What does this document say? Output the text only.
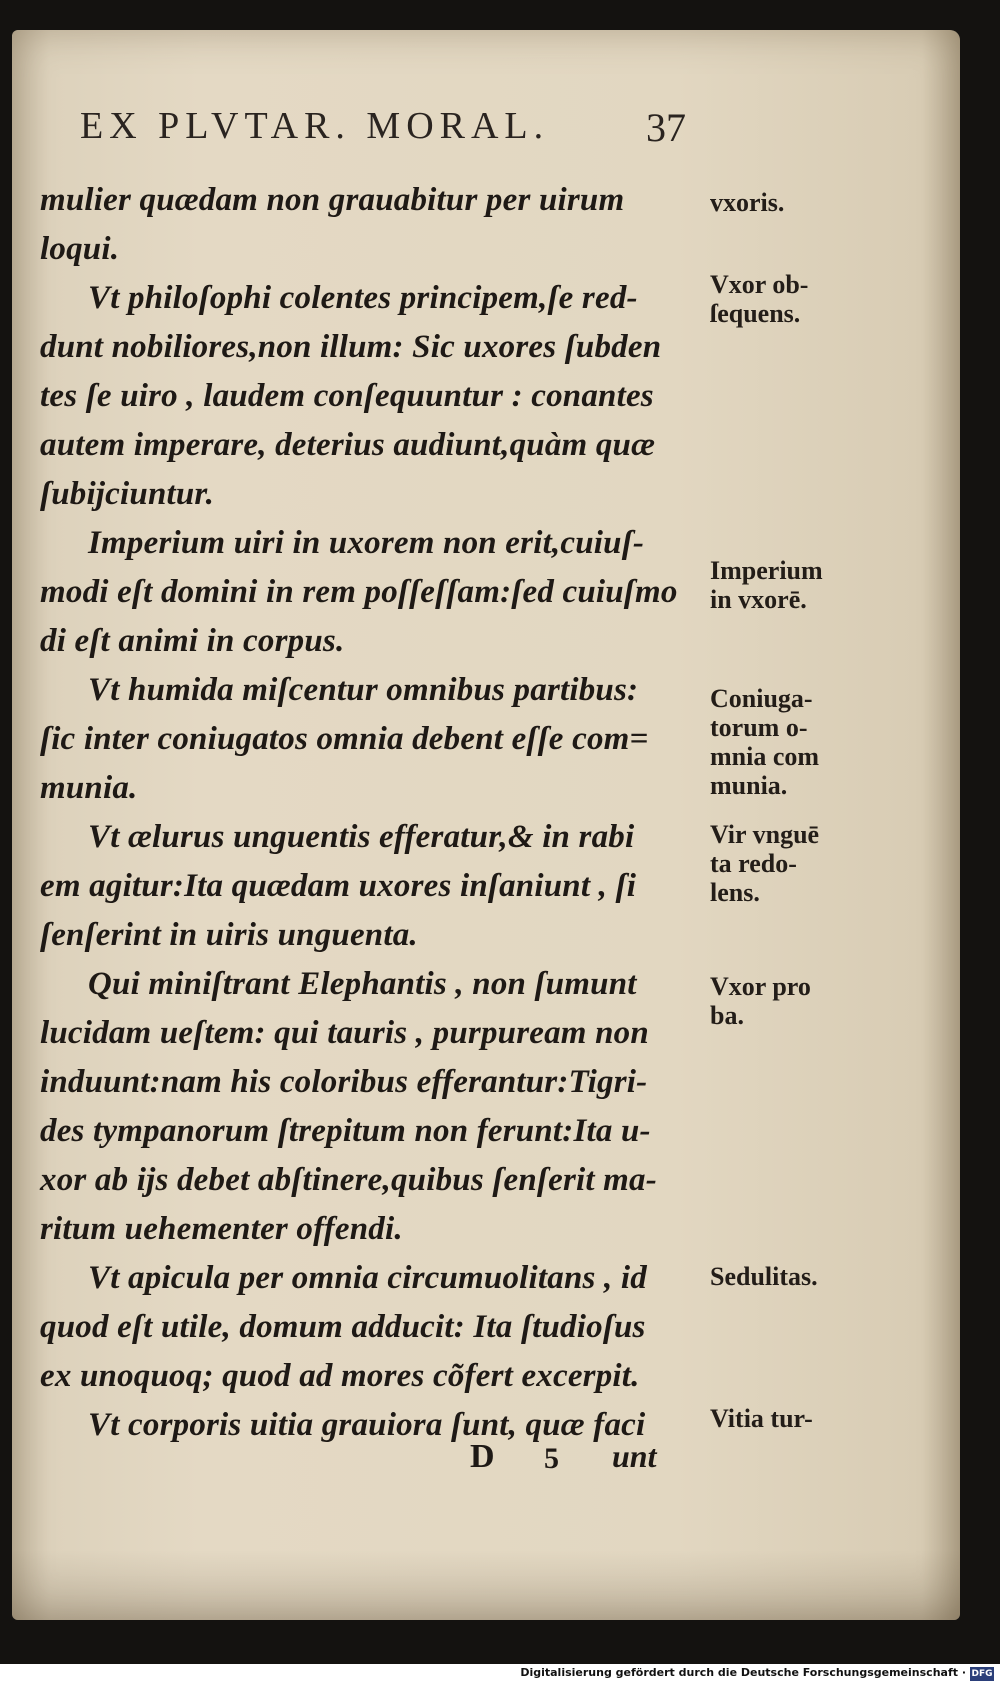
EX PLVTAR. MORAL. 37
mulier quædam non grauabitur per uirum
loqui.
Vt philoſophi colentes principem,ſe red-
dunt nobiliores,non illum: Sic uxores ſubden
tes ſe uiro , laudem conſequuntur : conantes
autem imperare, deterius audiunt,quàm quæ
ſubijciuntur.
Imperium uiri in uxorem non erit,cuiuſ-
modi eſt domini in rem poſſeſſam:ſed cuiuſmo
di eſt animi in corpus.
Vt humida miſcentur omnibus partibus:
ſic inter coniugatos omnia debent eſſe com=
munia.
Vt ælurus unguentis efferatur,& in rabi
em agitur:Ita quædam uxores inſaniunt , ſi
ſenſerint in uiris unguenta.
Qui miniſtrant Elephantis , non ſumunt
lucidam ueſtem: qui tauris , purpuream non
induunt:nam his coloribus efferantur:Tigri-
des tympanorum ſtrepitum non ferunt:Ita u-
xor ab ijs debet abſtinere,quibus ſenſerit ma-
ritum uehementer offendi.
Vt apicula per omnia circumuolitans , id
quod eſt utile, domum adducit: Ita ſtudioſus
ex unoquoq; quod ad mores cõfert excerpit.
Vt corporis uitia grauiora ſunt, quæ faci
vxoris.
Vxor ob-
ſequens.
Imperium
in vxorē.
Coniuga-
torum o-
mnia com
munia.
Vir vnguē
ta redo-
lens.
Vxor pro
ba.
Sedulitas.
Vitia tur-
D 5 unt
Digitalisierung gefördert durch die Deutsche Forschungsgemeinschaft · DFG
